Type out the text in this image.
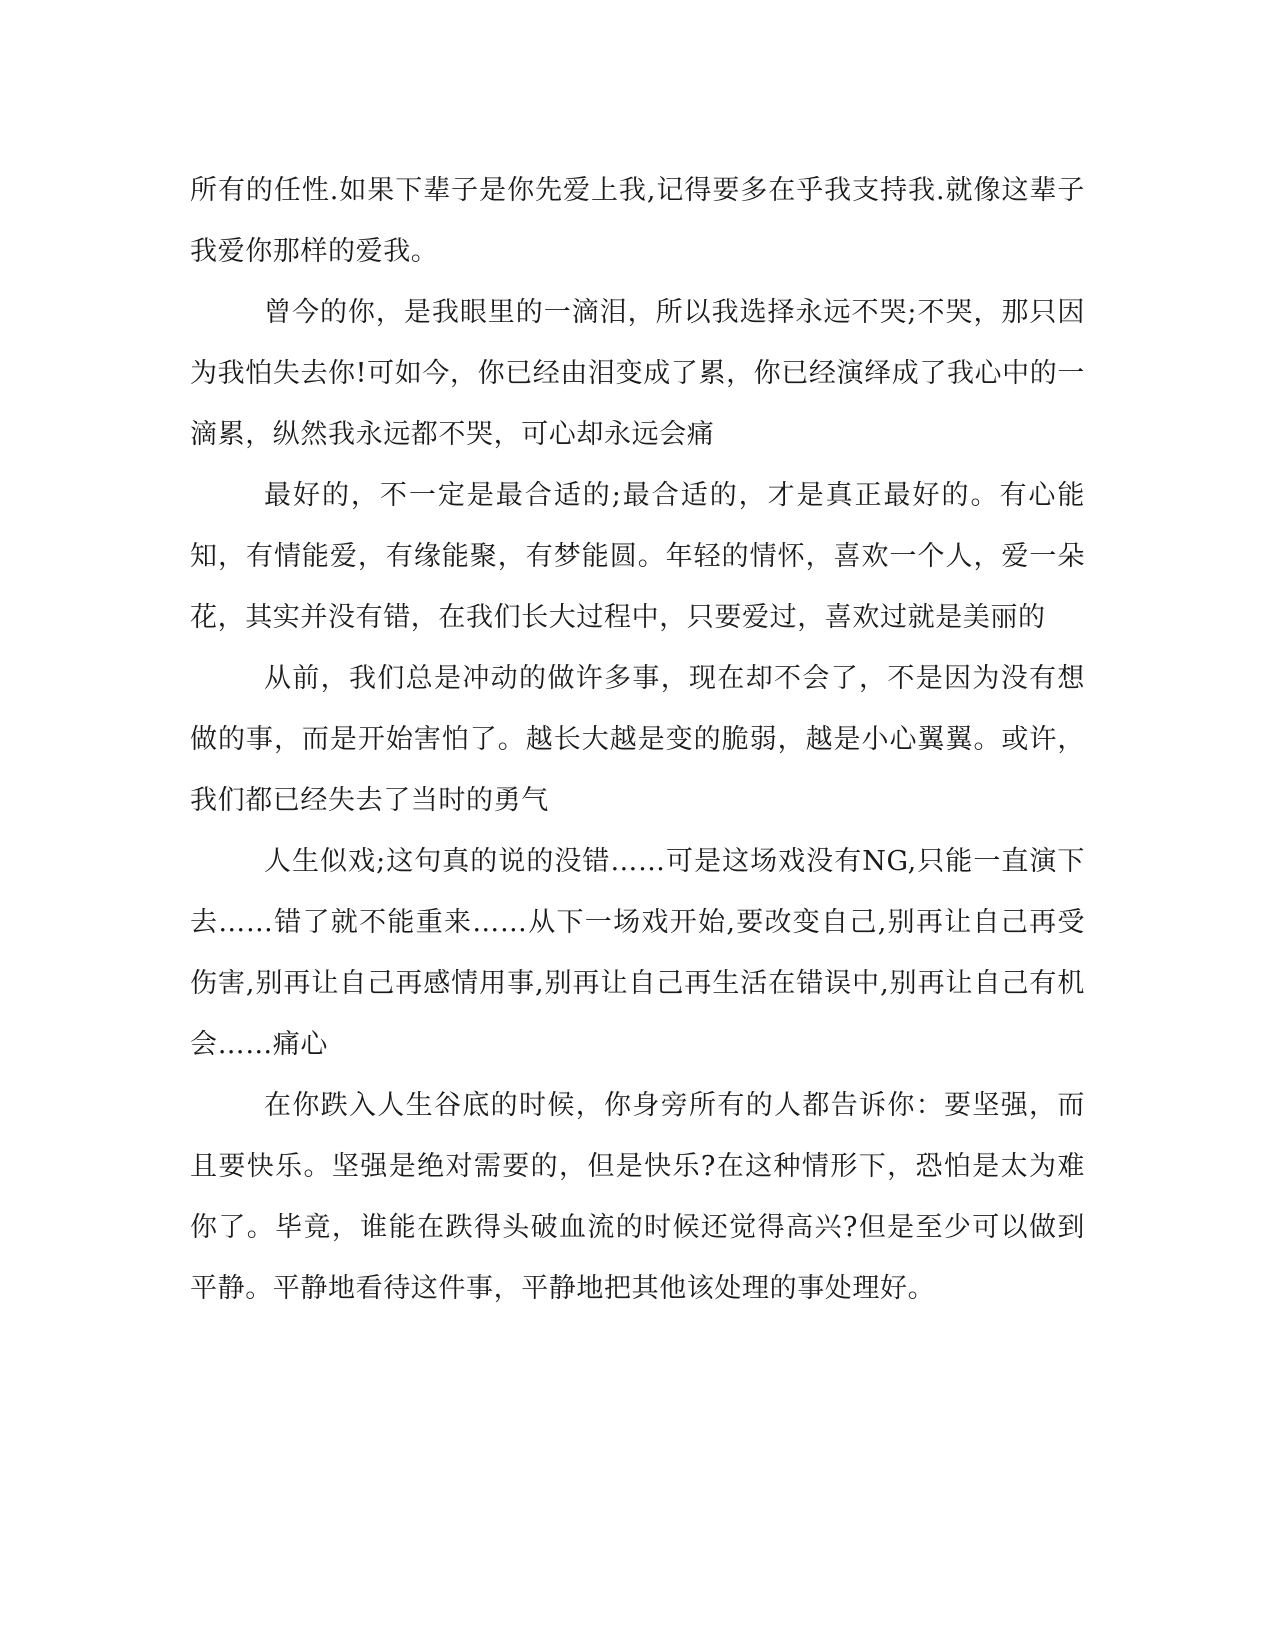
所有的任性.如果下辈子是你先爱上我,记得要多在乎我支持我.就像这辈子我爱你那样的爱我。

曾今的你，是我眼里的一滴泪，所以我选择永远不哭;不哭，那只因为我怕失去你!可如今，你已经由泪变成了累，你已经演绎成了我心中的一滴累，纵然我永远都不哭，可心却永远会痛

最好的，不一定是最合适的;最合适的，才是真正最好的。有心能知，有情能爱，有缘能聚，有梦能圆。年轻的情怀，喜欢一个人，爱一朵花，其实并没有错，在我们长大过程中，只要爱过，喜欢过就是美丽的

从前，我们总是冲动的做许多事，现在却不会了，不是因为没有想做的事，而是开始害怕了。越长大越是变的脆弱，越是小心翼翼。或许，我们都已经失去了当时的勇气

人生似戏;这句真的说的没错……可是这场戏没有NG,只能一直演下去……错了就不能重来……从下一场戏开始,要改变自己,别再让自己再受伤害,别再让自己再感情用事,别再让自己再生活在错误中,别再让自己有机会……痛心

在你跌入人生谷底的时候，你身旁所有的人都告诉你：要坚强，而且要快乐。坚强是绝对需要的，但是快乐?在这种情形下，恐怕是太为难你了。毕竟，谁能在跌得头破血流的时候还觉得高兴?但是至少可以做到平静。平静地看待这件事，平静地把其他该处理的事处理好。
